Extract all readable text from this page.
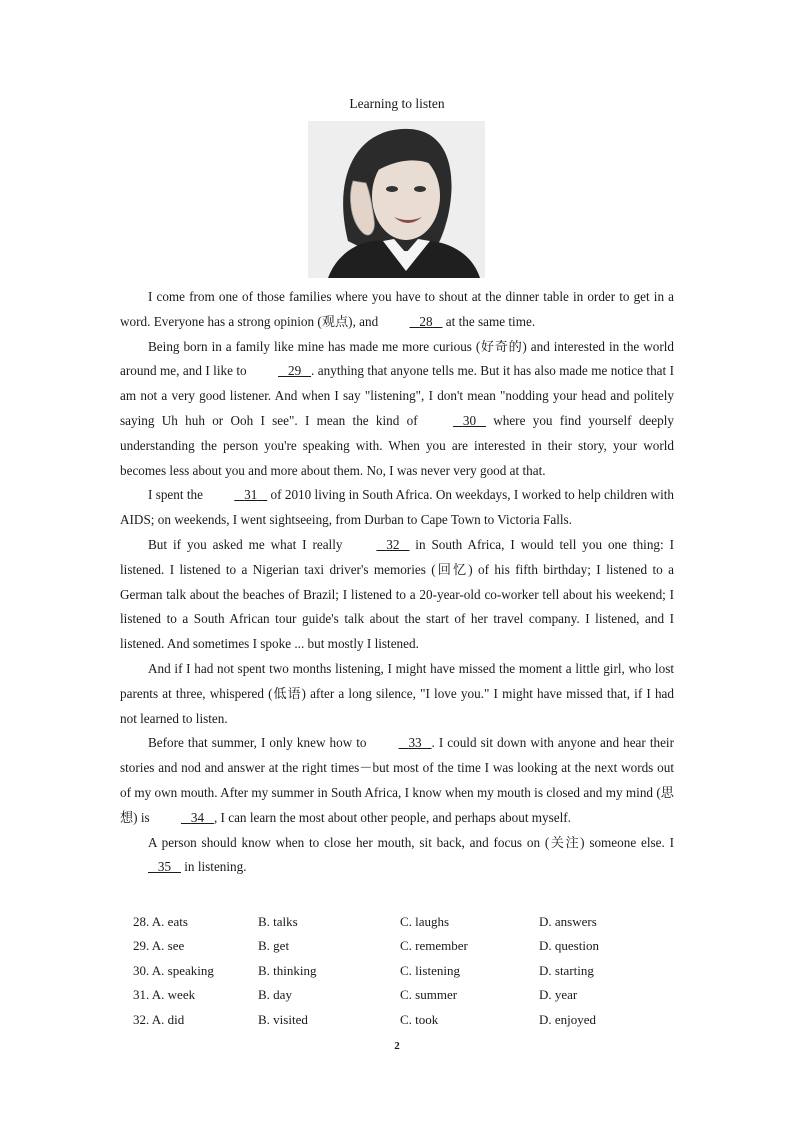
Learning to listen

I come from one of those families where you have to shout at the dinner table in order to get in a word. Everyone has a strong opinion (观点), and	28    at the same time.

Being born in a family like mine has made me more curious (好奇的) and interested in the world around me, and I like to	29 . anything that anyone tells me. But it has also made me notice that I am not a very good listener. And when I say "listening", I don't mean "nodding your head and politely saying Uh huh or Ooh I see". I mean the kind of	30    where you find yourself deeply understanding the person you're speaking with. When you are interested in their story, your world becomes less about you and more about them. No, I was never very good at that.

I spent the	31    of 2010 living in South Africa. On weekdays, I worked to help children with AIDS; on weekends, I went sightseeing, from Durban to Cape Town to Victoria Falls.

But if you asked me what I really	32    in South Africa, I would tell you one thing: I listened. I listened to a Nigerian taxi driver's memories (回忆) of his fifth birthday; I listened to a German talk about the beaches of Brazil; I listened to a 20-year-old co-worker tell about his weekend; I listened to a South African tour guide's talk about the start of her travel company. I listened, and I listened. And sometimes I spoke ... but mostly I listened.

And if I had not spent two months listening, I might have missed the moment a little girl, who lost parents at three, whispered (低语) after a long silence, "I love you." I might have missed that, if I had not learned to listen.

Before that summer, I only knew how to	33 . I could sit down with anyone and hear their stories and nod and answer at the right times－but most of the time I was looking at the next words out of my own mouth. After my summer in South Africa, I know when my mouth is closed and my mind (思想) is	34 , I can learn the most about other people, and perhaps about myself.

A person should know when to close her mouth, sit back, and focus on (关注) someone else. I    35    in listening.

28. A. eats	B. talks	C. laughs	D. answers
29. A. see	B. get	C. remember	D. question
30. A. speaking	B. thinking	C. listening	D. starting
31. A. week	B. day	C. summer	D. year
32. A. did	B. visited	C. took	D. enjoyed
2
